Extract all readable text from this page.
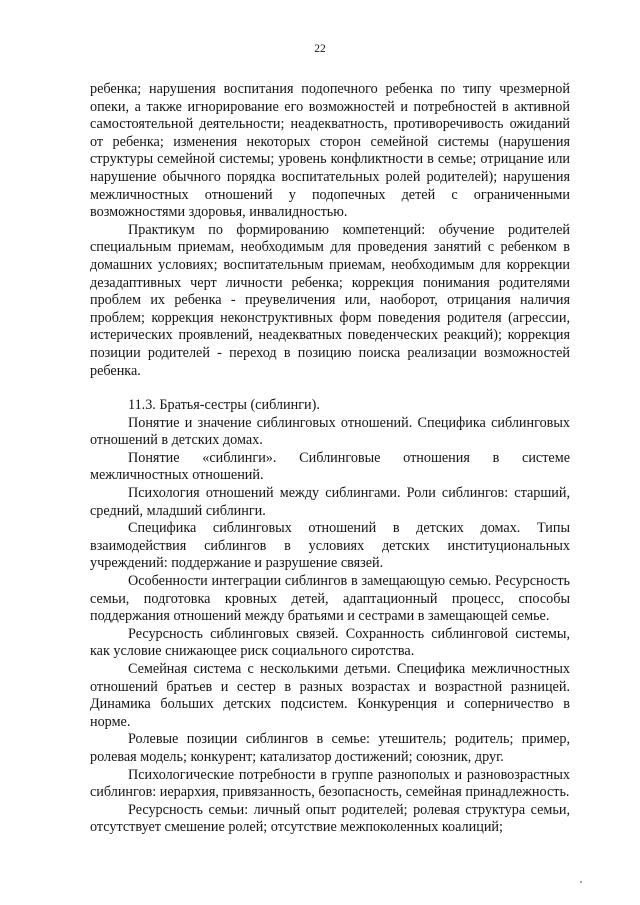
22

ребенка; нарушения воспитания подопечного ребенка по типу чрезмерной опеки, а также игнорирование его возможностей и потребностей в активной самостоятельной деятельности; неадекватность, противоречивость ожиданий от ребенка; изменения некоторых сторон семейной системы (нарушения структуры семейной системы; уровень конфликтности в семье; отрицание или нарушение обычного порядка воспитательных ролей родителей); нарушения межличностных отношений у подопечных детей с ограниченными возможностями здоровья, инвалидностью.

Практикум по формированию компетенций: обучение родителей специальным приемам, необходимым для проведения занятий с ребенком в домашних условиях; воспитательным приемам, необходимым для коррекции дезадаптивных черт личности ребенка; коррекция понимания родителями проблем их ребенка - преувеличения или, наоборот, отрицания наличия проблем; коррекция неконструктивных форм поведения родителя (агрессии, истерических проявлений, неадекватных поведенческих реакций); коррекция позиции родителей - переход в позицию поиска реализации возможностей ребенка.

11.3. Братья-сестры (сиблинги).

Понятие и значение сиблинговых отношений. Специфика сиблинговых отношений в детских домах.

Понятие «сиблинги». Сиблинговые отношения в системе межличностных отношений.

Психология отношений между сиблингами. Роли сиблингов: старший, средний, младший сиблинги.

Специфика сиблинговых отношений в детских домах. Типы взаимодействия сиблингов в условиях детских институциональных учреждений: поддержание и разрушение связей.

Особенности интеграции сиблингов в замещающую семью. Ресурсность семьи, подготовка кровных детей, адаптационный процесс, способы поддержания отношений между братьями и сестрами в замещающей семье.

Ресурсность сиблинговых связей. Сохранность сиблинговой системы, как условие снижающее риск социального сиротства.

Семейная система с несколькими детьми. Специфика межличностных отношений братьев и сестер в разных возрастах и возрастной разницей. Динамика больших детских подсистем. Конкуренция и соперничество в норме.

Ролевые позиции сиблингов в семье: утешитель; родитель; пример, ролевая модель; конкурент; катализатор достижений; союзник, друг.

Психологические потребности в группе разнополых и разновозрастных сиблингов: иерархия, привязанность, безопасность, семейная принадлежность.

Ресурсность семьи: личный опыт родителей; ролевая структура семьи, отсутствует смешение ролей; отсутствие межпоколенных коалиций;
